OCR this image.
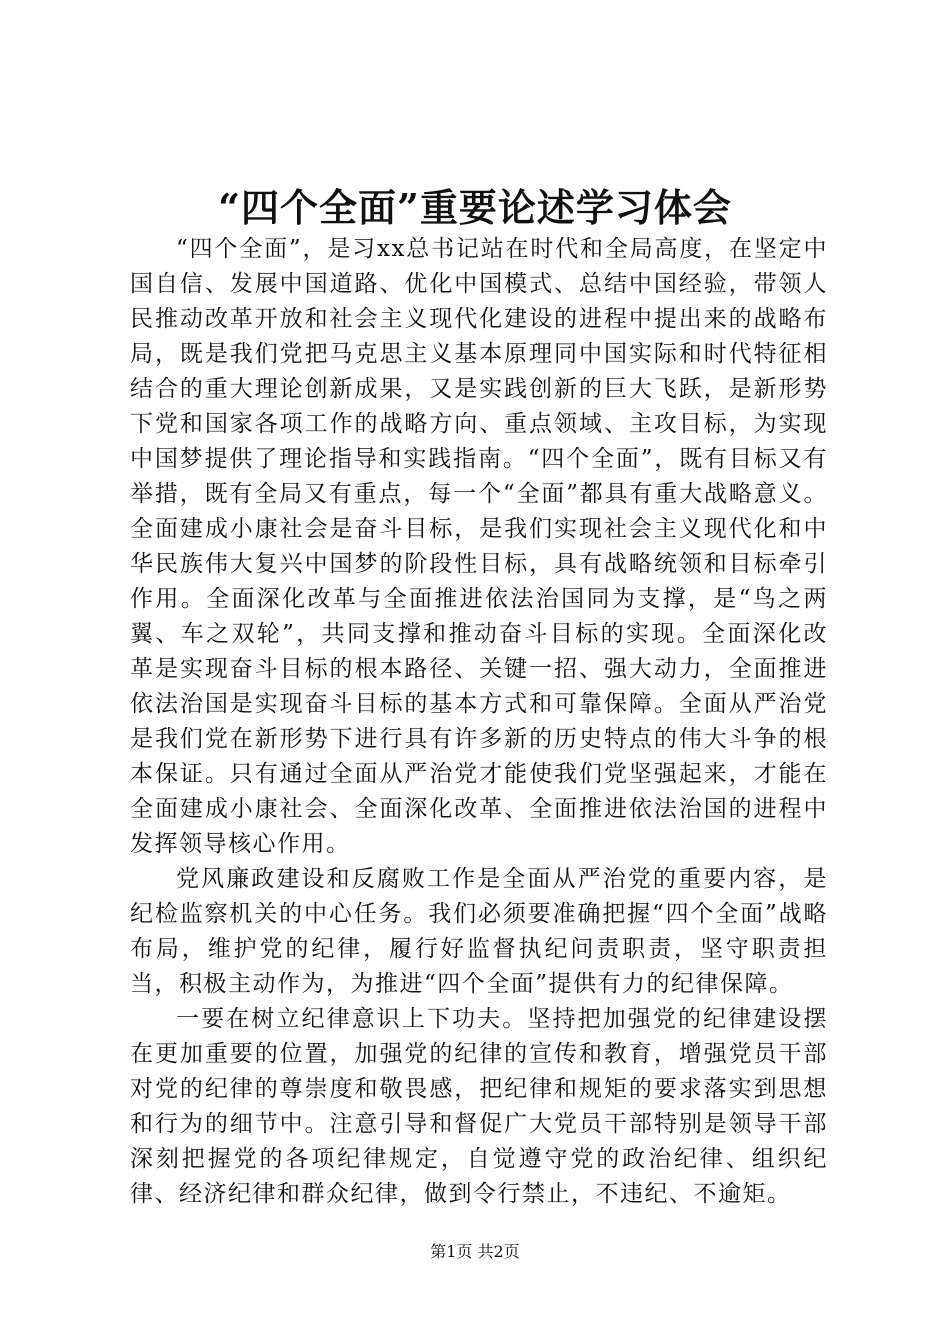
“四个全面”重要论述学习体会

“四个全面”，是习xx总书记站在时代和全局高度，在坚定中国自信、发展中国道路、优化中国模式、总结中国经验，带领人民推动改革开放和社会主义现代化建设的进程中提出来的战略布局，既是我们党把马克思主义基本原理同中国实际和时代特征相结合的重大理论创新成果，又是实践创新的巨大飞跃，是新形势下党和国家各项工作的战略方向、重点领域、主攻目标，为实现中国梦提供了理论指导和实践指南。“四个全面”，既有目标又有举措，既有全局又有重点，每一个“全面”都具有重大战略意义。全面建成小康社会是奋斗目标，是我们实现社会主义现代化和中华民族伟大复兴中国梦的阶段性目标，具有战略统领和目标牵引作用。全面深化改革与全面推进依法治国同为支撑，是“鸟之两翼、车之双轮”，共同支撑和推动奋斗目标的实现。全面深化改革是实现奋斗目标的根本路径、关键一招、强大动力，全面推进依法治国是实现奋斗目标的基本方式和可靠保障。全面从严治党是我们党在新形势下进行具有许多新的历史特点的伟大斗争的根本保证。只有通过全面从严治党才能使我们党坚强起来，才能在全面建成小康社会、全面深化改革、全面推进依法治国的进程中发挥领导核心作用。

党风廉政建设和反腐败工作是全面从严治党的重要内容，是纪检监察机关的中心任务。我们必须要准确把握“四个全面”战略布局，维护党的纪律，履行好监督执纪问责职责，坚守职责担当，积极主动作为，为推进“四个全面”提供有力的纪律保障。

一要在树立纪律意识上下功夫。坚持把加强党的纪律建设摆在更加重要的位置，加强党的纪律的宣传和教育，增强党员干部对党的纪律的尊崇度和敬畏感，把纪律和规矩的要求落实到思想和行为的细节中。注意引导和督促广大党员干部特别是领导干部深刻把握党的各项纪律规定，自觉遵守党的政治纪律、组织纪律、经济纪律和群众纪律，做到令行禁止，不违纪、不逾矩。

第1页 共2页
